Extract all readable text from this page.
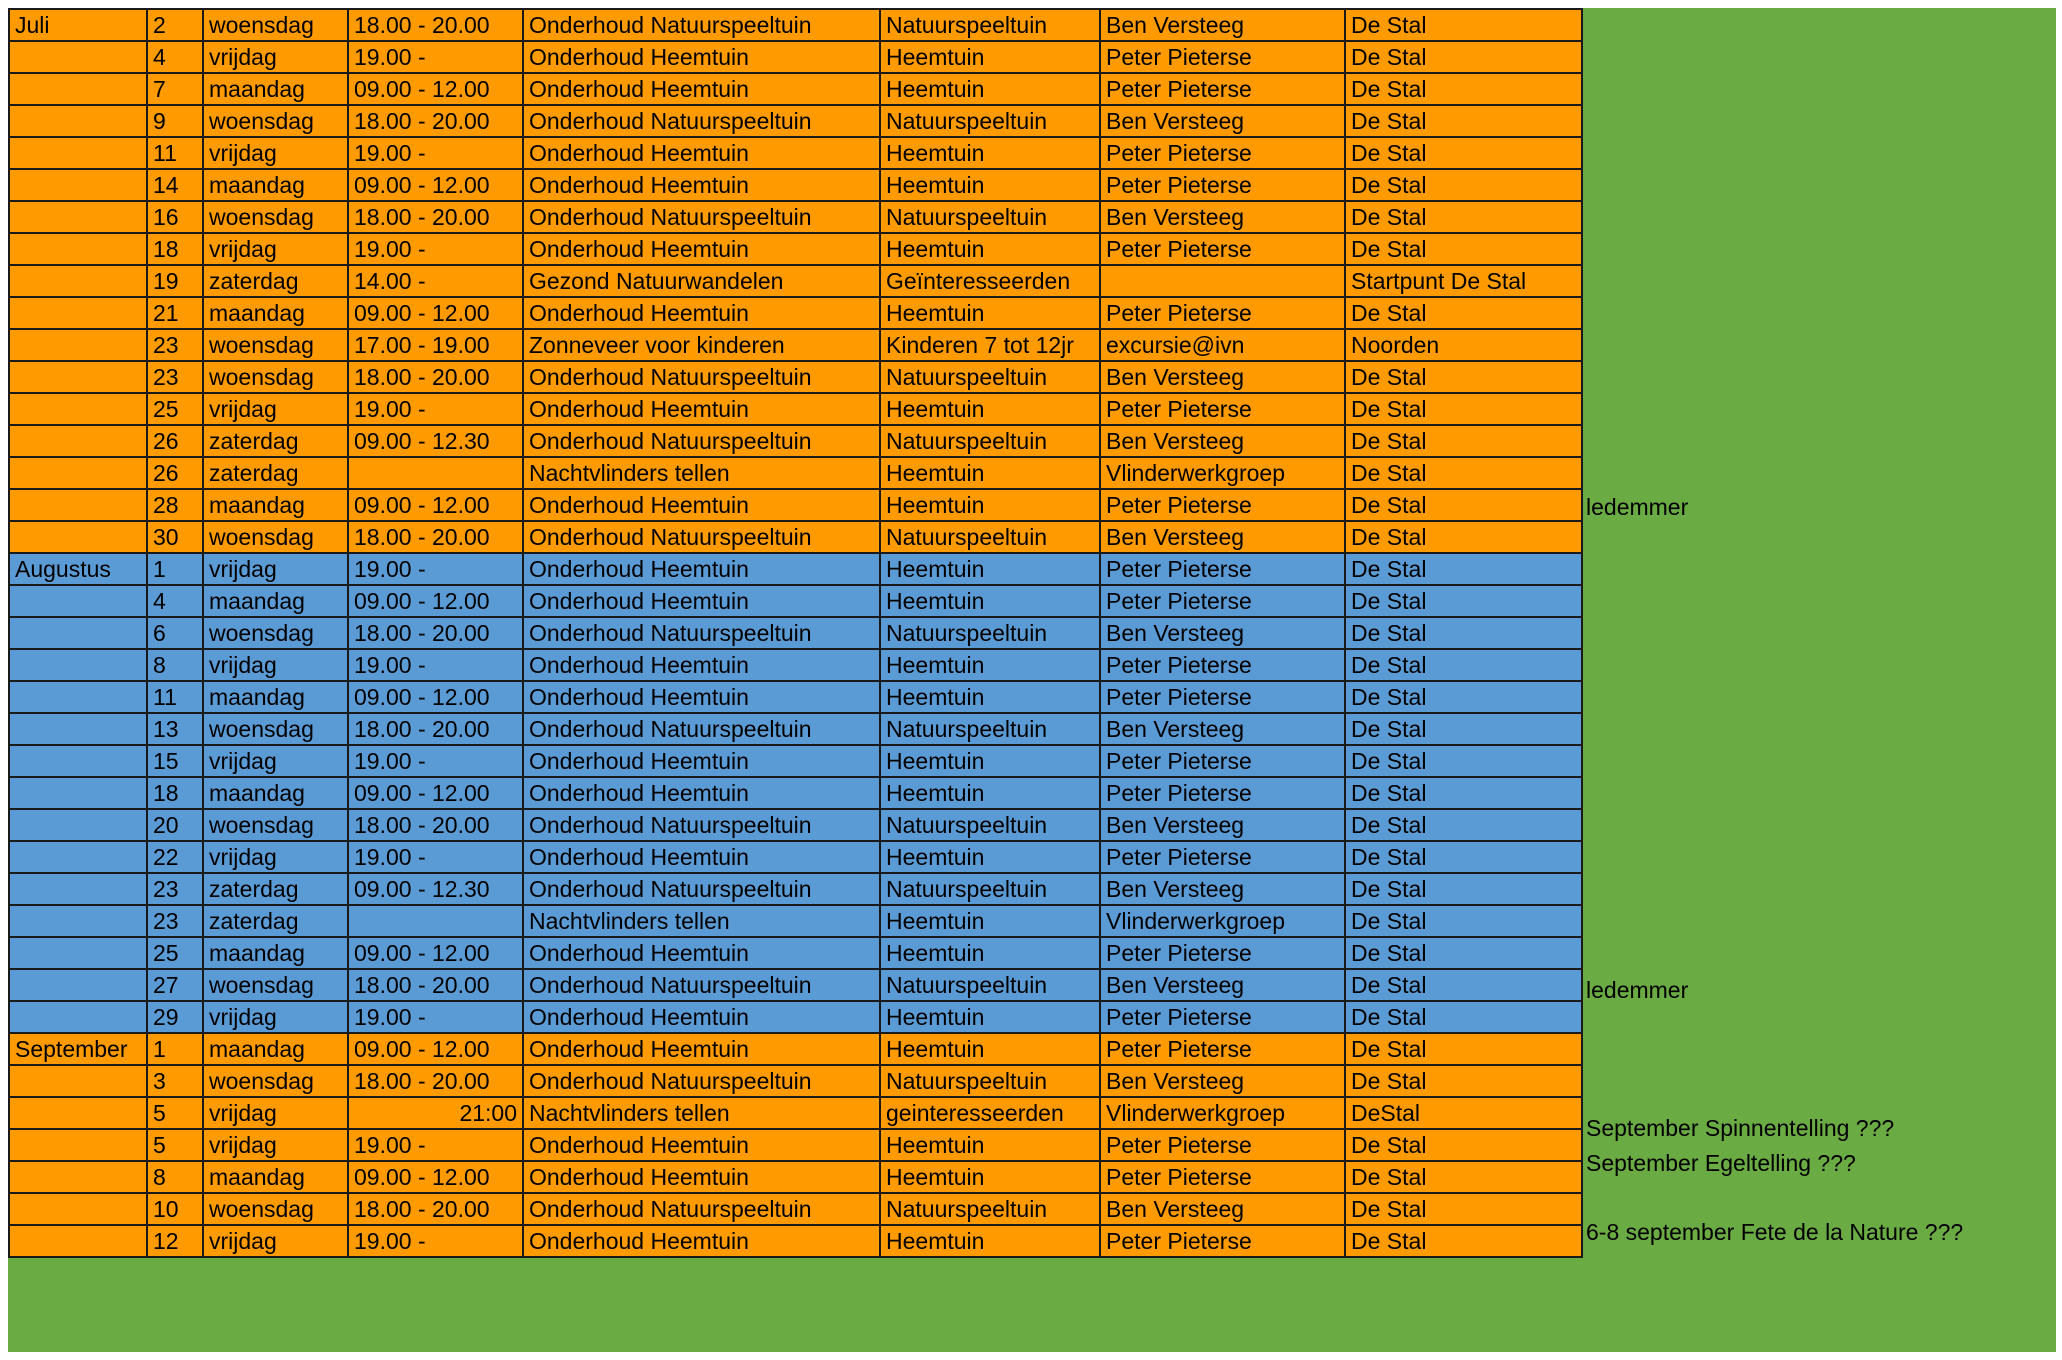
Juli	2	woensdag	18.00 - 20.00	Onderhoud Natuurspeeltuin	Natuurspeeltuin	Ben Versteeg	De Stal
	4	vrijdag	19.00 -	Onderhoud Heemtuin	Heemtuin	Peter Pieterse	De Stal
	7	maandag	09.00 - 12.00	Onderhoud Heemtuin	Heemtuin	Peter Pieterse	De Stal
	9	woensdag	18.00 - 20.00	Onderhoud Natuurspeeltuin	Natuurspeeltuin	Ben Versteeg	De Stal
	11	vrijdag	19.00 -	Onderhoud Heemtuin	Heemtuin	Peter Pieterse	De Stal
	14	maandag	09.00 - 12.00	Onderhoud Heemtuin	Heemtuin	Peter Pieterse	De Stal
	16	woensdag	18.00 - 20.00	Onderhoud Natuurspeeltuin	Natuurspeeltuin	Ben Versteeg	De Stal
	18	vrijdag	19.00 -	Onderhoud Heemtuin	Heemtuin	Peter Pieterse	De Stal
	19	zaterdag	14.00 -	Gezond Natuurwandelen	Geïnteresseerden		Startpunt De Stal
	21	maandag	09.00 - 12.00	Onderhoud Heemtuin	Heemtuin	Peter Pieterse	De Stal
	23	woensdag	17.00 - 19.00	Zonneveer voor kinderen	Kinderen 7 tot 12jr	excursie@ivn	Noorden
	23	woensdag	18.00 - 20.00	Onderhoud Natuurspeeltuin	Natuurspeeltuin	Ben Versteeg	De Stal
	25	vrijdag	19.00 -	Onderhoud Heemtuin	Heemtuin	Peter Pieterse	De Stal
	26	zaterdag	09.00 - 12.30	Onderhoud Natuurspeeltuin	Natuurspeeltuin	Ben Versteeg	De Stal
	26	zaterdag		Nachtvlinders tellen	Heemtuin	Vlinderwerkgroep	De Stal
	28	maandag	09.00 - 12.00	Onderhoud Heemtuin	Heemtuin	Peter Pieterse	De Stal
	30	woensdag	18.00 - 20.00	Onderhoud Natuurspeeltuin	Natuurspeeltuin	Ben Versteeg	De Stal
Augustus	1	vrijdag	19.00 -	Onderhoud Heemtuin	Heemtuin	Peter Pieterse	De Stal
	4	maandag	09.00 - 12.00	Onderhoud Heemtuin	Heemtuin	Peter Pieterse	De Stal
	6	woensdag	18.00 - 20.00	Onderhoud Natuurspeeltuin	Natuurspeeltuin	Ben Versteeg	De Stal
	8	vrijdag	19.00 -	Onderhoud Heemtuin	Heemtuin	Peter Pieterse	De Stal
	11	maandag	09.00 - 12.00	Onderhoud Heemtuin	Heemtuin	Peter Pieterse	De Stal
	13	woensdag	18.00 - 20.00	Onderhoud Natuurspeeltuin	Natuurspeeltuin	Ben Versteeg	De Stal
	15	vrijdag	19.00 -	Onderhoud Heemtuin	Heemtuin	Peter Pieterse	De Stal
	18	maandag	09.00 - 12.00	Onderhoud Heemtuin	Heemtuin	Peter Pieterse	De Stal
	20	woensdag	18.00 - 20.00	Onderhoud Natuurspeeltuin	Natuurspeeltuin	Ben Versteeg	De Stal
	22	vrijdag	19.00 -	Onderhoud Heemtuin	Heemtuin	Peter Pieterse	De Stal
	23	zaterdag	09.00 - 12.30	Onderhoud Natuurspeeltuin	Natuurspeeltuin	Ben Versteeg	De Stal
	23	zaterdag		Nachtvlinders tellen	Heemtuin	Vlinderwerkgroep	De Stal
	25	maandag	09.00 - 12.00	Onderhoud Heemtuin	Heemtuin	Peter Pieterse	De Stal
	27	woensdag	18.00 - 20.00	Onderhoud Natuurspeeltuin	Natuurspeeltuin	Ben Versteeg	De Stal
	29	vrijdag	19.00 -	Onderhoud Heemtuin	Heemtuin	Peter Pieterse	De Stal
September	1	maandag	09.00 - 12.00	Onderhoud Heemtuin	Heemtuin	Peter Pieterse	De Stal
	3	woensdag	18.00 - 20.00	Onderhoud Natuurspeeltuin	Natuurspeeltuin	Ben Versteeg	De Stal
	5	vrijdag	21:00	Nachtvlinders tellen	geinteresseerden	Vlinderwerkgroep	DeStal
	5	vrijdag	19.00 -	Onderhoud Heemtuin	Heemtuin	Peter Pieterse	De Stal
	8	maandag	09.00 - 12.00	Onderhoud Heemtuin	Heemtuin	Peter Pieterse	De Stal
	10	woensdag	18.00 - 20.00	Onderhoud Natuurspeeltuin	Natuurspeeltuin	Ben Versteeg	De Stal
	12	vrijdag	19.00 -	Onderhoud Heemtuin	Heemtuin	Peter Pieterse	De Stal
ledemmer
ledemmer
September Spinnentelling ???
September Egeltelling ???
6-8 september Fete de la Nature ???
